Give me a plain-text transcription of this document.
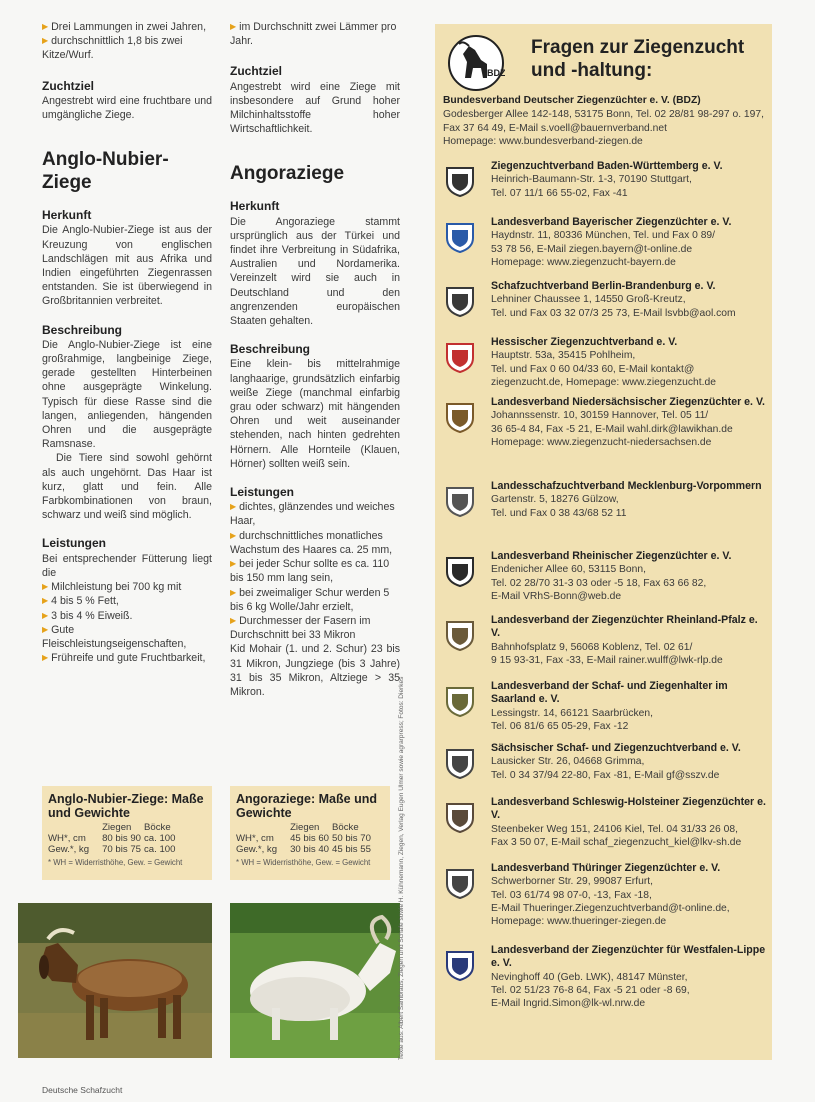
▶ Drei Lammungen in zwei Jahren,
▶ durchschnittlich 1,8 bis zwei Kitze/Wurf.
Zuchtziel

Angestrebt wird eine fruchtbare und umgängliche Ziege.

Anglo-Nubier-Ziege
Herkunft

Die Anglo-Nubier-Ziege ist aus der Kreuzung von englischen Landschlägen mit aus Afrika und Indien eingeführten Ziegenrassen entstanden. Sie ist überwiegend in Großbritannien verbreitet.

Beschreibung

Die Anglo-Nubier-Ziege ist eine großrahmige, langbeinige Ziege, gerade gestellten Hinterbeinen ohne ausgeprägte Winkelung. Typisch für diese Rasse sind die langen, anliegenden, hängenden Ohren und die ausgeprägte Ramsnase.

Die Tiere sind sowohl gehörnt als auch ungehörnt. Das Haar ist kurz, glatt und fein. Alle Farbkombinationen von braun, schwarz und weiß sind möglich.

Leistungen

Bei entsprechender Fütterung liegt die

▶ Milchleistung bei 700 kg mit
▶ 4 bis 5 % Fett,
▶ 3 bis 4 % Eiweiß.
▶ Gute Fleischleistungseigenschaften,
▶ Frühreife und gute Fruchtbarkeit,
▶ im Durchschnitt zwei Lämmer pro Jahr.
Zuchtziel

Angestrebt wird eine Ziege mit insbesondere auf Grund hoher Milchinhaltsstoffe hoher Wirtschaftlichkeit.

Angoraziege
Herkunft

Die Angoraziege stammt ursprünglich aus der Türkei und findet ihre Verbreitung in Südafrika, Australien und Nordamerika. Vereinzelt wird sie auch in Deutschland und den angrenzenden europäischen Staaten gehalten.

Beschreibung

Eine klein- bis mittelrahmige langhaarige, grundsätzlich einfarbig weiße Ziege (manchmal einfarbig grau oder schwarz) mit hängenden Ohren und weit auseinander stehenden, nach hinten gedrehten Hörnern. Alle Hornteile (Klauen, Hörner) sollten weiß sein.

Leistungen
▶ dichtes, glänzendes und weiches Haar,
▶ durchschnittliches monatliches Wachstum des Haares ca. 25 mm,
▶ bei jeder Schur sollte es ca. 110 bis 150 mm lang sein,
▶ bei zweimaliger Schur werden 5 bis 6 kg Wolle/Jahr erzielt,
▶ Durchmesser der Fasern im Durchschnitt bei 33 Mikron

Kid Mohair (1. und 2. Schur) 23 bis 31 Mikron, Jungziege (bis 3 Jahre) 31 bis 35 Mikron, Altziege > 35 Mikron.

Anglo-Nubier-Ziege: Maße und Gewichte
	Ziegen	Böcke
WH*, cm	80 bis 90	ca. 100
Gew.*, kg	70 bis 75	ca. 100
* WH = Widerristhöhe, Gew. = Gewicht
Angoraziege: Maße und Gewichte
	Ziegen	Böcke
WH*, cm	45 bis 60	50 bis 70
Gew.*, kg	30 bis 40	45 bis 55
* WH = Widerristhöhe, Gew. = Gewicht	Texte aus: Albert Sambraus, Ziegen und Schafe sowie H. Kühnemann, Ziegen, Verlag Eugen Ulmer sowie agrarpress; Fotos: Dierkes
BDZ
Fragen zur Ziegenzucht und -haltung:
Bundesverband Deutscher Ziegenzüchter e. V. (BDZ)
Godesberger Allee 142-148, 53175 Bonn, Tel. 02 28/81 98-297 o. 197, Fax 37 64 49, E-Mail s.voell@bauernverband.net
Homepage: www.bundesverband-ziegen.de
Ziegenzuchtverband Baden-Württemberg e. V.
Heinrich-Baumann-Str. 1-3, 70190 Stuttgart,
Tel. 07 11/1 66 55-02, Fax -41
Landesverband Bayerischer Ziegenzüchter e. V.
Haydnstr. 11, 80336 München, Tel. und Fax 0 89/
53 78 56, E-Mail ziegen.bayern@t-online.de
Homepage: www.ziegenzucht-bayern.de
Schafzuchtverband Berlin-Brandenburg e. V.
Lehniner Chaussee 1, 14550 Groß-Kreutz,
Tel. und Fax 03 32 07/3 25 73, E-Mail lsvbb@aol.com
Hessischer Ziegenzuchtverband e. V.
Hauptstr. 53a, 35415 Pohlheim,
Tel. und Fax 0 60 04/33 60, E-Mail kontakt@
ziegenzucht.de, Homepage: www.ziegenzucht.de
Landesverband Niedersächsischer Ziegenzüchter e. V.
Johannssenstr. 10, 30159 Hannover, Tel. 05 11/
36 65-4 84, Fax -5 21, E-Mail wahl.dirk@lawikhan.de
Homepage: www.ziegenzucht-niedersachsen.de
Landesschafzuchtverband Mecklenburg-Vorpommern
Gartenstr. 5, 18276 Gülzow,
Tel. und Fax 0 38 43/68 52 11
Landesverband Rheinischer Ziegenzüchter e. V.
Endenicher Allee 60, 53115 Bonn,
Tel. 02 28/70 31-3 03 oder -5 18, Fax 63 66 82,
E-Mail VRhS-Bonn@web.de
Landesverband der Ziegenzüchter Rheinland-Pfalz e. V.
Bahnhofsplatz 9, 56068 Koblenz, Tel. 02 61/
9 15 93-31, Fax -33, E-Mail rainer.wulff@lwk-rlp.de
Landesverband der Schaf- und Ziegenhalter im Saarland e. V.
Lessingstr. 14, 66121 Saarbrücken,
Tel. 06 81/6 65 05-29, Fax -12
Sächsischer Schaf- und Ziegenzuchtverband e. V.
Lausicker Str. 26, 04668 Grimma,
Tel. 0 34 37/94 22-80, Fax -81, E-Mail gf@sszv.de
Landesverband Schleswig-Holsteiner Ziegenzüchter e. V.
Steenbeker Weg 151, 24106 Kiel, Tel. 04 31/33 26 08,
Fax 3 50 07, E-Mail schaf_ziegenzucht_kiel@lkv-sh.de
Landesverband Thüringer Ziegenzüchter e. V.
Schwerborner Str. 29, 99087 Erfurt,
Tel. 03 61/74 98 07-0, -13, Fax -18,
E-Mail Thueringer.Ziegenzuchtverband@t-online.de,
Homepage: www.thueringer-ziegen.de
Landesverband der Ziegenzüchter für Westfalen-Lippe e. V.
Nevinghoff 40 (Geb. LWK), 48147 Münster,
Tel. 02 51/23 76-8 64, Fax -5 21 oder -8 69,
E-Mail Ingrid.Simon@lk-wl.nrw.de
Deutsche Schafzucht
